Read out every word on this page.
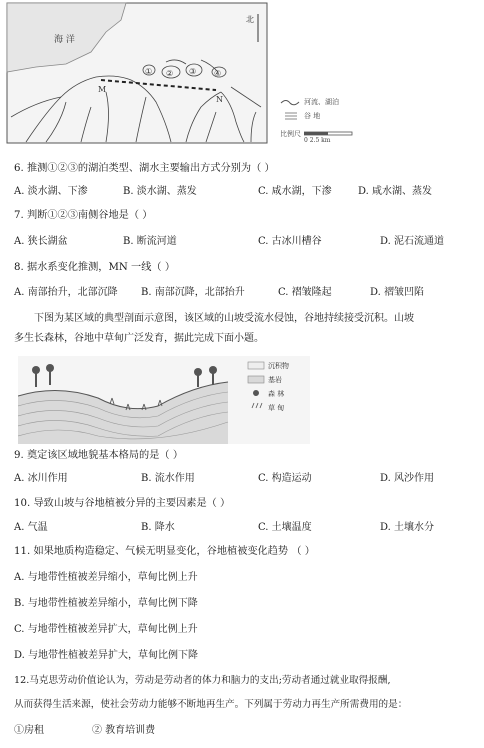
海 洋
北
① ② ③ ④
M
N	河流、湖泊
谷 地
比例尺
0 2.5 km
6. 推测①②③的湖泊类型、湖水主要输出方式分别为（ ）
A. 淡水湖、下渗	B. 淡水湖、蒸发	C. 咸水湖，下渗	D. 咸水湖、蒸发
7. 判断①②③南侧谷地是（ ）
A. 狭长湖盆	B. 断流河道	C. 古冰川槽谷	D. 泥石流通道
8. 据水系变化推测，MN 一线（ ）
A. 南部抬升，北部沉降 B. 南部沉降，北部抬升	C. 褶皱隆起	D. 褶皱凹陷
下图为某区域的典型剖面示意图，该区域的山坡受流水侵蚀，谷地持续接受沉积。山坡
多生长森林，谷地中草甸广泛发育，据此完成下面小题。
沉积物
基岩
森 林
草 甸
9. 奠定该区域地貌基本格局的是（ ）
A. 冰川作用	B. 流水作用	C. 构造运动	D. 风沙作用
10. 导致山坡与谷地植被分异的主要因素是（ ）
A. 气温	B. 降水	C. 土壤温度	D. 土壤水分
11. 如果地质构造稳定、气候无明显变化，谷地植被变化趋势 （ ）
A. 与地带性植被差异缩小，草甸比例上升
B. 与地带性植被差异缩小，草甸比例下降
C. 与地带性植被差异扩大，草甸比例上升
D. 与地带性植被差异扩大，草甸比例下降
12.马克思劳动价值论认为，劳动是劳动者的体力和脑力的支出;劳动者通过就业取得报酬,
从而获得生活来源，使社会劳动力能够不断地再生产。下列属于劳动力再生产所需费用的是：
①房租	② 教育培训费
